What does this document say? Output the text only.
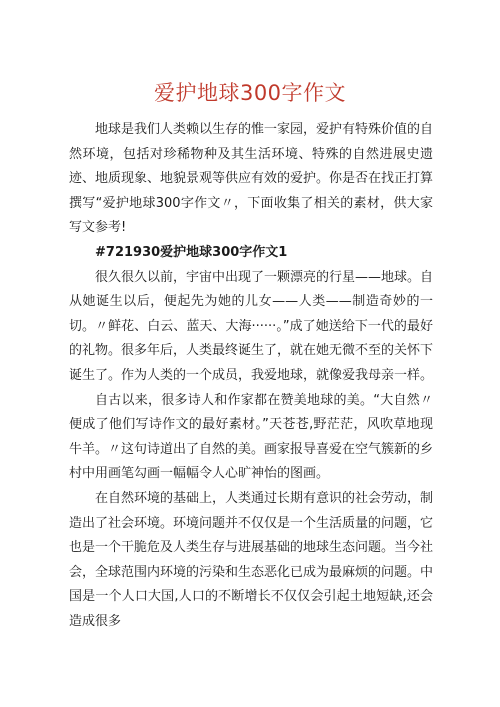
爱护地球300字作文

地球是我们人类赖以生存的惟一家园，爱护有特殊价值的自然环境，包括对珍稀物种及其生活环境、特殊的自然进展史遗迹、地质现象、地貌景观等供应有效的爱护。你是否在找正打算撰写“爱护地球300字作文〃，下面收集了相关的素材，供大家写文参考!

#721930爱护地球300字作文1

很久很久以前，宇宙中出现了一颗漂亮的行星——地球。自从她诞生以后，便起先为她的儿女——人类——制造奇妙的一切。〃鲜花、白云、蓝天、大海······。”成了她送给下一代的最好的礼物。很多年后，人类最终诞生了，就在她无微不至的关怀下诞生了。作为人类的一个成员，我爱地球，就像爱我母亲一样。

自古以来，很多诗人和作家都在赞美地球的美。“大自然〃便成了他们写诗作文的最好素材。”天苍苍,野茫茫，风吹草地现牛羊。〃这句诗道出了自然的美。画家报导喜爱在空气簇新的乡村中用画笔勾画一幅幅令人心旷神怡的图画。

在自然环境的基础上，人类通过长期有意识的社会劳动，制造出了社会环境。环境问题并不仅仅是一个生活质量的问题，它也是一个干脆危及人类生存与进展基础的地球生态问题。当今社会，全球范围内环境的污染和生态恶化已成为最麻烦的问题。中国是一个人口大国,人口的不断增长不仅仅会引起土地短缺,还会造成很多
